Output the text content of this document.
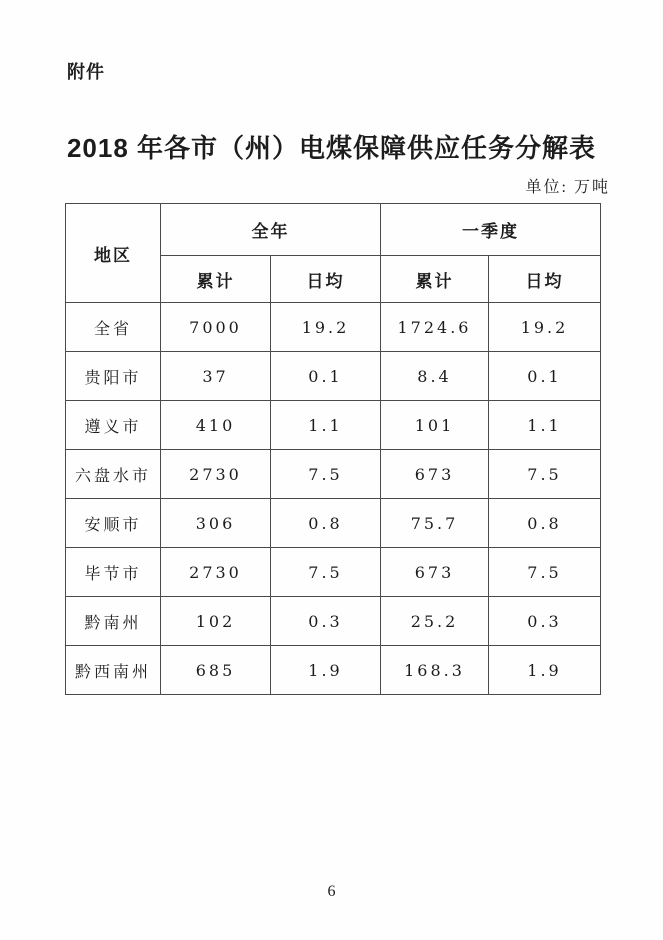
附件
2018 年各市（州）电煤保障供应任务分解表
单位: 万吨
地区	全年		一季度	
	累计	日均	累计	日均
全省	7000	19.2	1724.6	19.2
贵阳市	37	0.1	8.4	0.1
遵义市	410	1.1	101	1.1
六盘水市	2730	7.5	673	7.5
安顺市	306	0.8	75.7	0.8
毕节市	2730	7.5	673	7.5
黔南州	102	0.3	25.2	0.3
黔西南州	685	1.9	168.3	1.9
6
